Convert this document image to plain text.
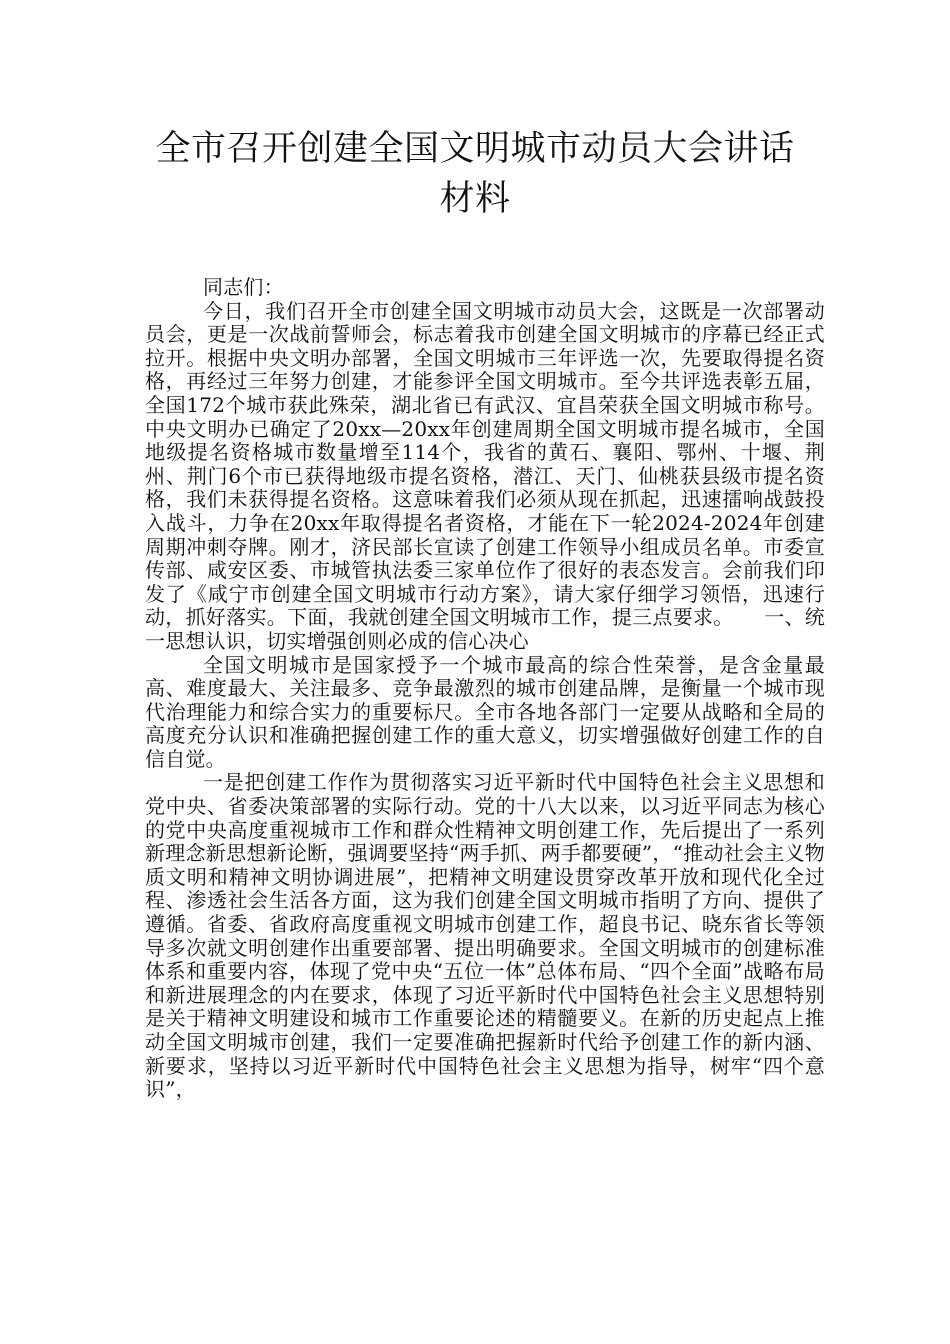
全市召开创建全国文明城市动员大会讲话
材料

同志们：

今日，我们召开全市创建全国文明城市动员大会，这既是一次部署动员会，更是一次战前誓师会，标志着我市创建全国文明城市的序幕已经正式拉开。根据中央文明办部署，全国文明城市三年评选一次，先要取得提名资格，再经过三年努力创建，才能参评全国文明城市。至今共评选表彰五届，全国172个城市获此殊荣，湖北省已有武汉、宜昌荣获全国文明城市称号。中央文明办已确定了20xx—20xx年创建周期全国文明城市提名城市，全国地级提名资格城市数量增至114个，我省的黄石、襄阳、鄂州、十堰、荆州、荆门6个市已获得地级市提名资格，潜江、天门、仙桃获县级市提名资格，我们未获得提名资格。这意味着我们必须从现在抓起，迅速擂响战鼓投入战斗，力争在20xx年取得提名者资格，才能在下一轮2024-2024年创建周期冲刺夺牌。刚才，济民部长宣读了创建工作领导小组成员名单。市委宣传部、咸安区委、市城管执法委三家单位作了很好的表态发言。会前我们印发了《咸宁市创建全国文明城市行动方案》，请大家仔细学习领悟，迅速行动，抓好落实。下面，我就创建全国文明城市工作，提三点要求。　　一、统一思想认识，切实增强创则必成的信心决心

全国文明城市是国家授予一个城市最高的综合性荣誉，是含金量最高、难度最大、关注最多、竞争最激烈的城市创建品牌，是衡量一个城市现代治理能力和综合实力的重要标尺。全市各地各部门一定要从战略和全局的高度充分认识和准确把握创建工作的重大意义，切实增强做好创建工作的自信自觉。

一是把创建工作作为贯彻落实习近平新时代中国特色社会主义思想和党中央、省委决策部署的实际行动。党的十八大以来，以习近平同志为核心的党中央高度重视城市工作和群众性精神文明创建工作，先后提出了一系列新理念新思想新论断，强调要坚持“两手抓、两手都要硬”，“推动社会主义物质文明和精神文明协调进展”，把精神文明建设贯穿改革开放和现代化全过程、渗透社会生活各方面，这为我们创建全国文明城市指明了方向、提供了遵循。省委、省政府高度重视文明城市创建工作，超良书记、晓东省长等领导多次就文明创建作出重要部署、提出明确要求。全国文明城市的创建标准体系和重要内容，体现了党中央“五位一体”总体布局、“四个全面”战略布局和新进展理念的内在要求，体现了习近平新时代中国特色社会主义思想特别是关于精神文明建设和城市工作重要论述的精髓要义。在新的历史起点上推动全国文明城市创建，我们一定要准确把握新时代给予创建工作的新内涵、新要求，坚持以习近平新时代中国特色社会主义思想为指导，树牢“四个意识”，
